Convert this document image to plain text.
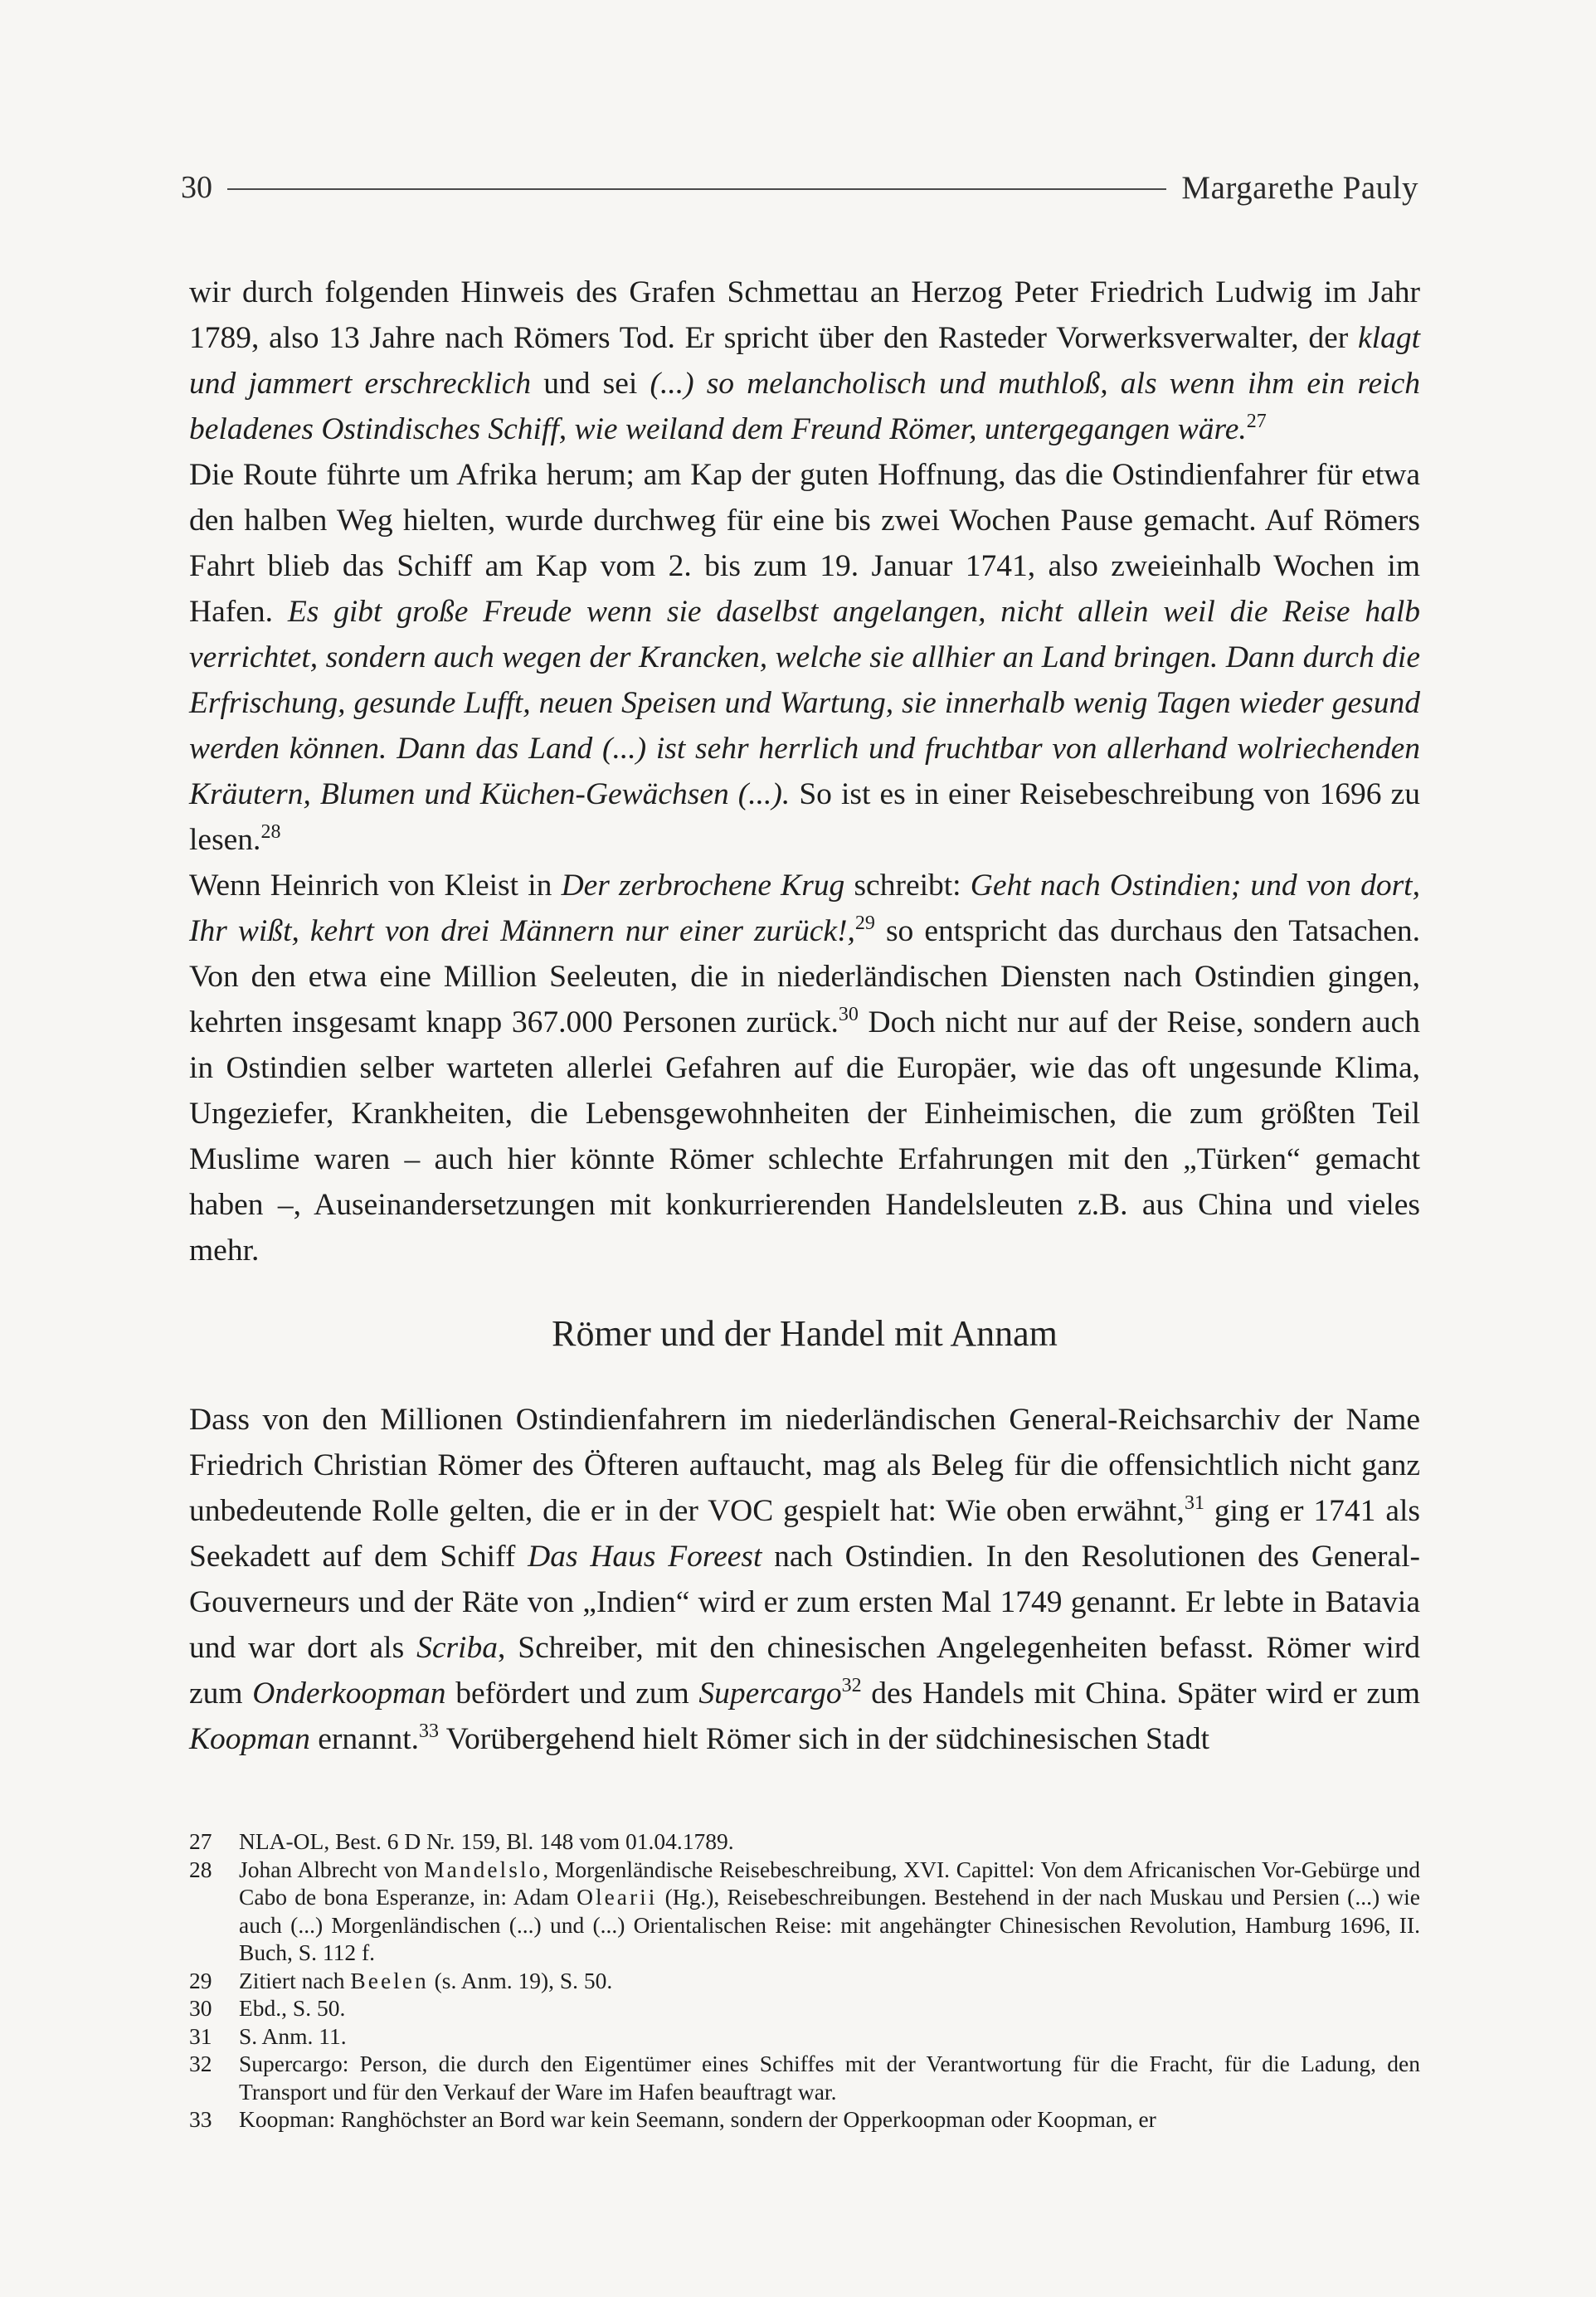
30	Margarethe Pauly

wir durch folgenden Hinweis des Grafen Schmettau an Herzog Peter Friedrich Ludwig im Jahr 1789, also 13 Jahre nach Römers Tod. Er spricht über den Rasteder Vorwerksverwalter, der klagt und jammert erschrecklich und sei (...) so melancholisch und muthloß, als wenn ihm ein reich beladenes Ostindisches Schiff, wie weiland dem Freund Römer, untergegangen wäre.$^{27}$

Die Route führte um Afrika herum; am Kap der guten Hoffnung, das die Ostindienfahrer für etwa den halben Weg hielten, wurde durchweg für eine bis zwei Wochen Pause gemacht. Auf Römers Fahrt blieb das Schiff am Kap vom 2. bis zum 19. Januar 1741, also zweieinhalb Wochen im Hafen. Es gibt große Freude wenn sie daselbst angelangen, nicht allein weil die Reise halb verrichtet, sondern auch wegen der Krancken, welche sie allhier an Land bringen. Dann durch die Erfrischung, gesunde Lufft, neuen Speisen und Wartung, sie innerhalb wenig Tagen wieder gesund werden können. Dann das Land (...) ist sehr herrlich und fruchtbar von allerhand wolriechenden Kräutern, Blumen und Küchen-Gewächsen (...). So ist es in einer Reisebeschreibung von 1696 zu lesen.$^{28}$

Wenn Heinrich von Kleist in Der zerbrochene Krug schreibt: Geht nach Ostindien; und von dort, Ihr wißt, kehrt von drei Männern nur einer zurück!,$^{29}$ so entspricht das durchaus den Tatsachen. Von den etwa eine Million Seeleuten, die in niederländischen Diensten nach Ostindien gingen, kehrten insgesamt knapp 367.000 Personen zurück.$^{30}$ Doch nicht nur auf der Reise, sondern auch in Ostindien selber warteten allerlei Gefahren auf die Europäer, wie das oft ungesunde Klima, Ungeziefer, Krankheiten, die Lebensgewohnheiten der Einheimischen, die zum größten Teil Muslime waren – auch hier könnte Römer schlechte Erfahrungen mit den „Türken“ gemacht haben –, Auseinandersetzungen mit konkurrierenden Handelsleuten z.B. aus China und vieles mehr.

Römer und der Handel mit Annam

Dass von den Millionen Ostindienfahrern im niederländischen General-Reichsarchiv der Name Friedrich Christian Römer des Öfteren auftaucht, mag als Beleg für die offensichtlich nicht ganz unbedeutende Rolle gelten, die er in der VOC gespielt hat: Wie oben erwähnt,$^{31}$ ging er 1741 als Seekadett auf dem Schiff Das Haus Foreest nach Ostindien. In den Resolutionen des General-Gouverneurs und der Räte von „Indien“ wird er zum ersten Mal 1749 genannt. Er lebte in Batavia und war dort als Scriba, Schreiber, mit den chinesischen Angelegenheiten befasst. Römer wird zum Onderkoopman befördert und zum Supercargo$^{32}$ des Handels mit China. Später wird er zum Koopman ernannt.$^{33}$ Vorübergehend hielt Römer sich in der südchinesischen Stadt

27	NLA-OL, Best. 6 D Nr. 159, Bl. 148 vom 01.04.1789.
28	Johan Albrecht von Mandelslo, Morgenländische Reisebeschreibung, XVI. Capittel: Von dem Africanischen Vor-Gebürge und Cabo de bona Esperanze, in: Adam Olearii (Hg.), Reisebeschreibungen. Bestehend in der nach Muskau und Persien (...) wie auch (...) Morgenländischen (...) und (...) Orientalischen Reise: mit angehängter Chinesischen Revolution, Hamburg 1696, II. Buch, S. 112 f.
29	Zitiert nach Beelen (s. Anm. 19), S. 50.
30	Ebd., S. 50.
31	S. Anm. 11.
32	Supercargo: Person, die durch den Eigentümer eines Schiffes mit der Verantwortung für die Fracht, für die Ladung, den Transport und für den Verkauf der Ware im Hafen beauftragt war.
33	Koopman: Ranghöchster an Bord war kein Seemann, sondern der Opperkoopman oder Koopman, er
